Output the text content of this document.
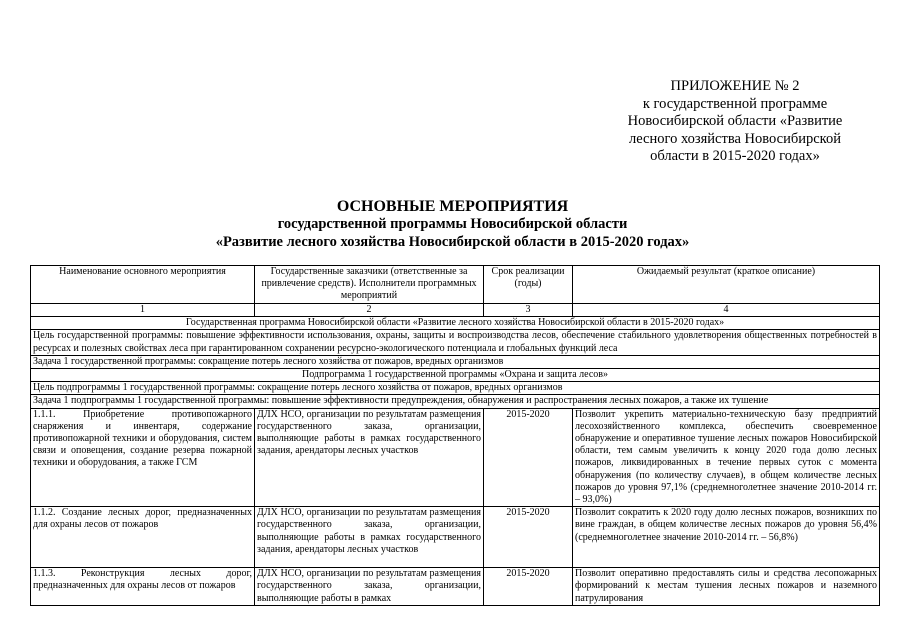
ПРИЛОЖЕНИЕ № 2
к государственной программе
Новосибирской области «Развитие
лесного хозяйства Новосибирской
области в 2015-2020 годах»
ОСНОВНЫЕ МЕРОПРИЯТИЯ
государственной программы Новосибирской области
«Развитие лесного хозяйства Новосибирской области в 2015-2020 годах»
Наименование основного мероприятия	Государственные заказчики (ответственные за привлечение средств). Исполнители программных мероприятий	Срок реализации (годы)	Ожидаемый результат (краткое описание)
1	2	3	4
Государственная программа Новосибирской области «Развитие лесного хозяйства Новосибирской области в 2015-2020 годах»			
Цель государственной программы: повышение эффективности использования, охраны, защиты и воспроизводства лесов, обеспечение стабильного удовлетворения общественных потребностей в ресурсах и полезных свойствах леса при гарантированном сохранении ресурсно-экологического потенциала и глобальных функций леса			
Задача 1 государственной программы: сокращение потерь лесного хозяйства от пожаров, вредных организмов			
Подпрограмма 1 государственной программы «Охрана и защита лесов»			
Цель подпрограммы 1 государственной программы: сокращение потерь лесного хозяйства от пожаров, вредных организмов			
Задача 1 подпрограммы 1 государственной программы: повышение эффективности предупреждения, обнаружения и распространения лесных пожаров, а также их тушение			
1.1.1. Приобретение противопожарного снаряжения и инвентаря, содержание противопожарной техники и оборудования, систем связи и оповещения, создание резерва пожарной техники и оборудования, а также ГСМ	ДЛХ НСО, организации по результатам размещения государственного заказа, организации, выполняющие работы в рамках государственного задания, арендаторы лесных участков	2015-2020	Позволит укрепить материально-техническую базу предприятий лесохозяйственного комплекса, обеспечить своевременное обнаружение и оперативное тушение лесных пожаров Новосибирской области, тем самым увеличить к концу 2020 года долю лесных пожаров, ликвидированных в течение первых суток с момента обнаружения (по количеству случаев), в общем количестве лесных пожаров до уровня 97,1% (среднемноголетнее значение 2010-2014 гг. – 93,0%)
1.1.2. Создание лесных дорог, предназначенных для охраны лесов от пожаров	ДЛХ НСО, организации по результатам размещения государственного заказа, организации, выполняющие работы в рамках государственного задания, арендаторы лесных участков	2015-2020	Позволит сократить к 2020 году долю лесных пожаров, возникших по вине граждан, в общем количестве лесных пожаров до уровня 56,4% (среднемноголетнее значение 2010-2014 гг. – 56,8%)
1.1.3. Реконструкция лесных дорог, предназначенных для охраны лесов от пожаров	ДЛХ НСО, организации по результатам размещения государственного заказа, организации, выполняющие работы в рамках	2015-2020	Позволит оперативно предоставлять силы и средства лесопожарных формирований к местам тушения лесных пожаров и наземного патрулирования
